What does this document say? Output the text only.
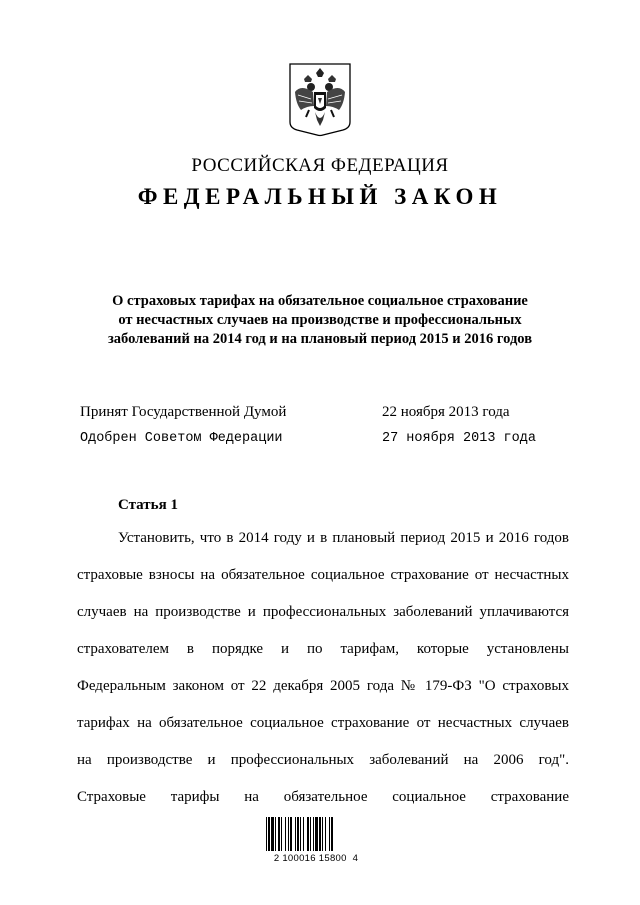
РОССИЙСКАЯ ФЕДЕРАЦИЯ
ФЕДЕРАЛЬНЫЙ ЗАКОН
О страховых тарифах на обязательное социальное страхование
от несчастных случаев на производстве и профессиональных
заболеваний на 2014 год и на плановый период 2015 и 2016 годов
Принят Государственной Думой	22 ноября 2013 года
Одобрен Советом Федерации	27 ноября 2013 года
Статья 1
Установить, что в 2014 году и в плановый период 2015 и 2016 годов
страховые взносы на обязательное социальное страхование от несчастных
случаев на производстве и профессиональных заболеваний уплачиваются
страхователем в порядке и по тарифам, которые установлены
Федеральным законом от 22 декабря 2005 года № 179-ФЗ "О страховых
тарифах на обязательное социальное страхование от несчастных случаев
на производстве и профессиональных заболеваний на 2006 год".
Страховые тарифы на обязательное социальное страхование
2 100016 15800  4
